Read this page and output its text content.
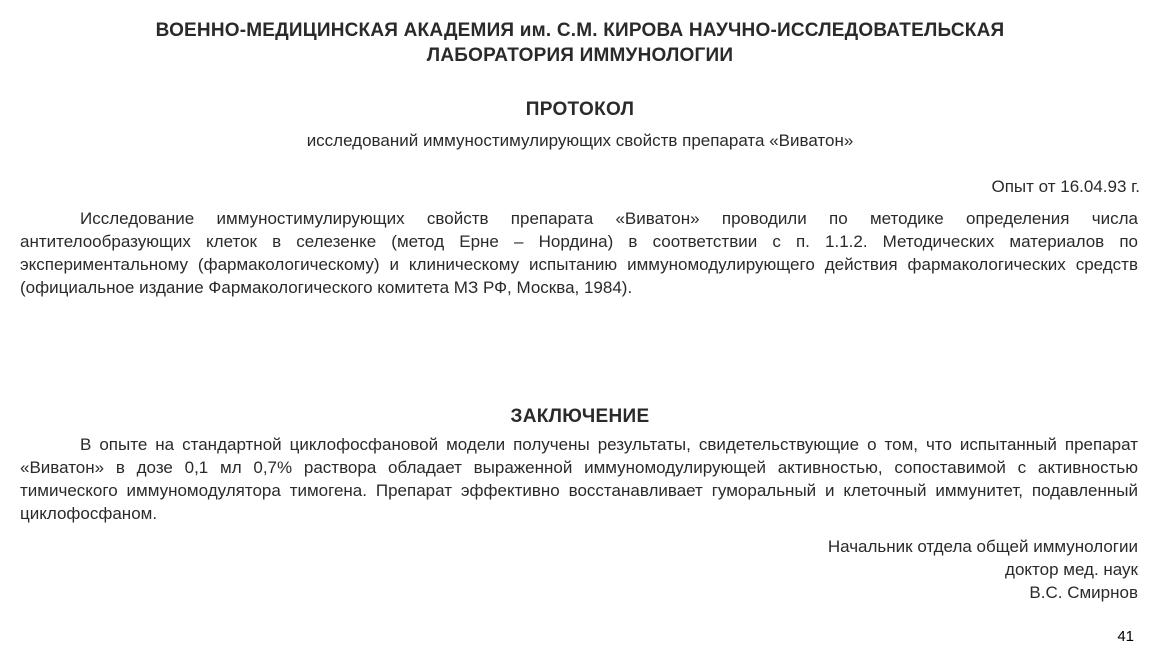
ВОЕННО-МЕДИЦИНСКАЯ АКАДЕМИЯ им. С.М. КИРОВА НАУЧНО-ИССЛЕДОВАТЕЛЬСКАЯ
ЛАБОРАТОРИЯ ИММУНОЛОГИИ
ПРОТОКОЛ
исследований иммуностимулирующих свойств препарата «Виватон»
Опыт от 16.04.93 г.

Исследование иммуностимулирующих свойств препарата «Виватон» проводили по методике определения числа антителообразующих клеток в селезенке (метод Ерне – Нордина) в соответствии с п. 1.1.2. Методических материалов по экспериментальному (фармакологическому) и клиническому испытанию иммуномодулирующего действия фармакологических средств (официальное издание Фармакологического комитета МЗ РФ, Москва, 1984).

ЗАКЛЮЧЕНИЕ

В опыте на стандартной циклофосфановой модели получены результаты, свидетельствующие о том, что испытанный препарат «Виватон» в дозе 0,1 мл 0,7% раствора обладает выраженной иммуномодулирующей активностью, сопоставимой с активностью тимического иммуномодулятора тимогена. Препарат эффективно восстанавливает гуморальный и клеточный иммунитет, подавленный циклофосфаном.

Начальник отдела общей иммунологии
доктор мед. наук
В.С. Смирнов
41
